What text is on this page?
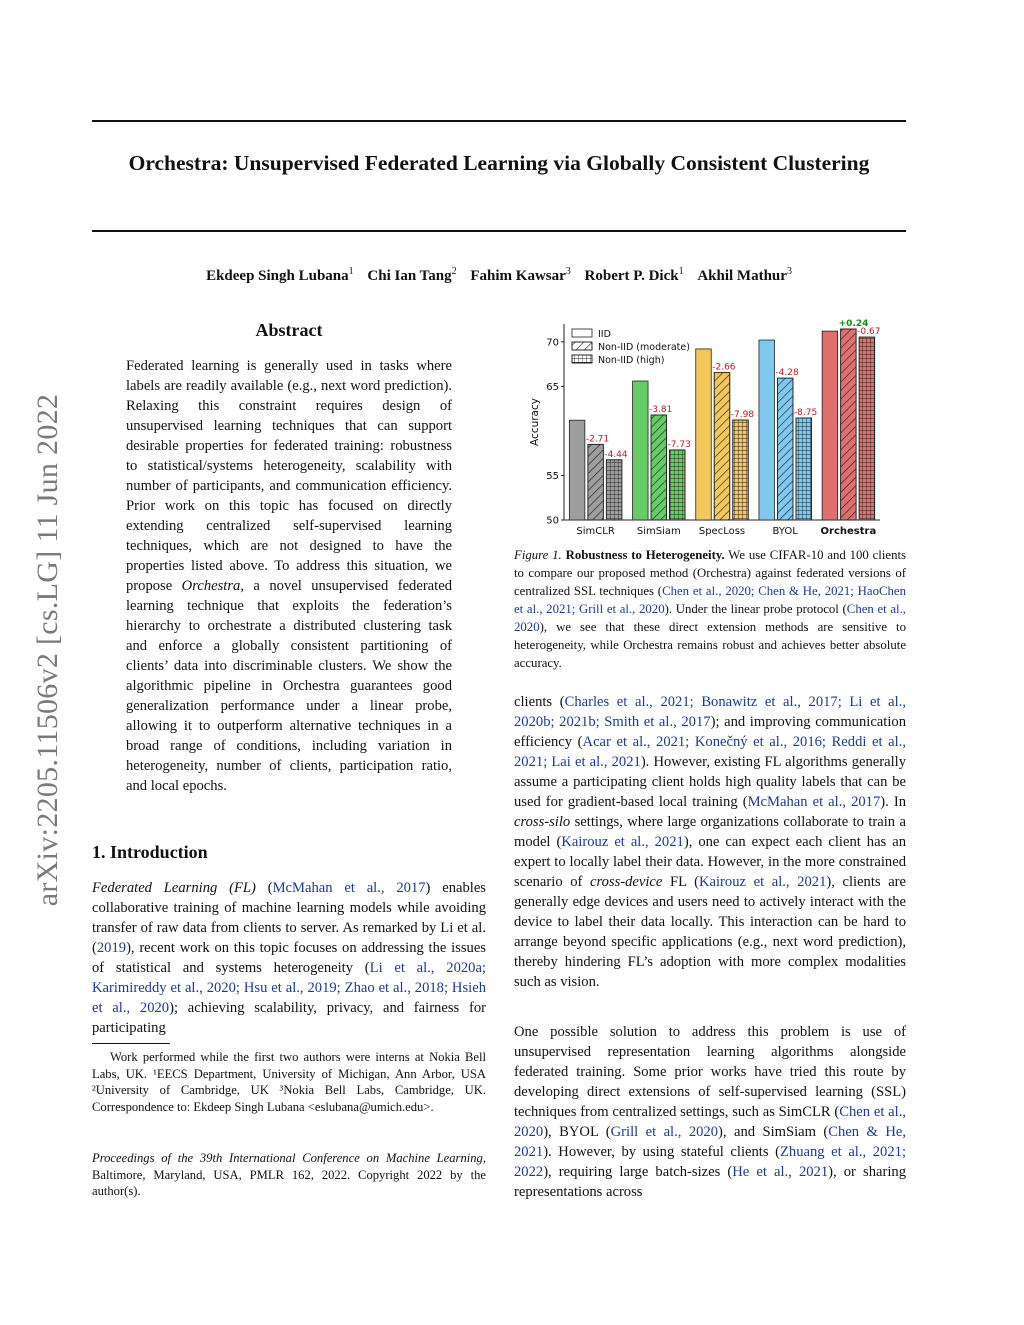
Orchestra: Unsupervised Federated Learning via Globally Consistent Clustering
Ekdeep Singh Lubana$^1$ Chi Ian Tang$^2$ Fahim Kawsar$^3$ Robert P. Dick$^1$ Akhil Mathur$^3$
arXiv:2205.11506v2 [cs.LG] 11 Jun 2022
Abstract

Federated learning is generally used in tasks where labels are readily available (e.g., next word prediction). Relaxing this constraint requires design of unsupervised learning techniques that can support desirable properties for federated training: robustness to statistical/systems heterogeneity, scalability with number of participants, and communication efficiency. Prior work on this topic has focused on directly extending centralized self-supervised learning techniques, which are not designed to have the properties listed above. To address this situation, we propose Orchestra, a novel unsupervised federated learning technique that exploits the federation’s hierarchy to orchestrate a distributed clustering task and enforce a globally consistent partitioning of clients’ data into discriminable clusters. We show the algorithmic pipeline in Orchestra guarantees good generalization performance under a linear probe, allowing it to outperform alternative techniques in a broad range of conditions, including variation in heterogeneity, number of clients, participation ratio, and local epochs.

1. Introduction

Federated Learning (FL) (McMahan et al., 2017) enables collaborative training of machine learning models while avoiding transfer of raw data from clients to server. As remarked by Li et al. (2019), recent work on this topic focuses on addressing the issues of statistical and systems heterogeneity (Li et al., 2020a; Karimireddy et al., 2020; Hsu et al., 2019; Zhao et al., 2018; Hsieh et al., 2020); achieving scalability, privacy, and fairness for participating

Work performed while the first two authors were interns at Nokia Bell Labs, UK. ¹EECS Department, University of Michigan, Ann Arbor, USA ²University of Cambridge, UK ³Nokia Bell Labs, Cambridge, UK. Correspondence to: Ekdeep Singh Lubana <eslubana@umich.edu>.

Proceedings of the 39th International Conference on Machine Learning, Baltimore, Maryland, USA, PMLR 162, 2022. Copyright 2022 by the author(s).

50
55
65
70
Accuracy	-2.71
-4.44
SimCLR
-3.81
-7.73
SimSiam
-2.66
-7.98
SpecLoss
-4.28
-8.75
BYOL
+0.24
-0.67
Orchestra
IID
Non-IID (moderate)
Non-IID (high)

Figure 1. Robustness to Heterogeneity. We use CIFAR-10 and 100 clients to compare our proposed method (Orchestra) against federated versions of centralized SSL techniques (Chen et al., 2020; Chen & He, 2021; HaoChen et al., 2021; Grill et al., 2020). Under the linear probe protocol (Chen et al., 2020), we see that these direct extension methods are sensitive to heterogeneity, while Orchestra remains robust and achieves better absolute accuracy.

clients (Charles et al., 2021; Bonawitz et al., 2017; Li et al., 2020b; 2021b; Smith et al., 2017); and improving communication efficiency (Acar et al., 2021; Konečný et al., 2016; Reddi et al., 2021; Lai et al., 2021). However, existing FL algorithms generally assume a participating client holds high quality labels that can be used for gradient-based local training (McMahan et al., 2017). In cross-silo settings, where large organizations collaborate to train a model (Kairouz et al., 2021), one can expect each client has an expert to locally label their data. However, in the more constrained scenario of cross-device FL (Kairouz et al., 2021), clients are generally edge devices and users need to actively interact with the device to label their data locally. This interaction can be hard to arrange beyond specific applications (e.g., next word prediction), thereby hindering FL’s adoption with more complex modalities such as vision.

One possible solution to address this problem is use of unsupervised representation learning algorithms alongside federated training. Some prior works have tried this route by developing direct extensions of self-supervised learning (SSL) techniques from centralized settings, such as SimCLR (Chen et al., 2020), BYOL (Grill et al., 2020), and SimSiam (Chen & He, 2021). However, by using stateful clients (Zhuang et al., 2021; 2022), requiring large batch-sizes (He et al., 2021), or sharing representations across
